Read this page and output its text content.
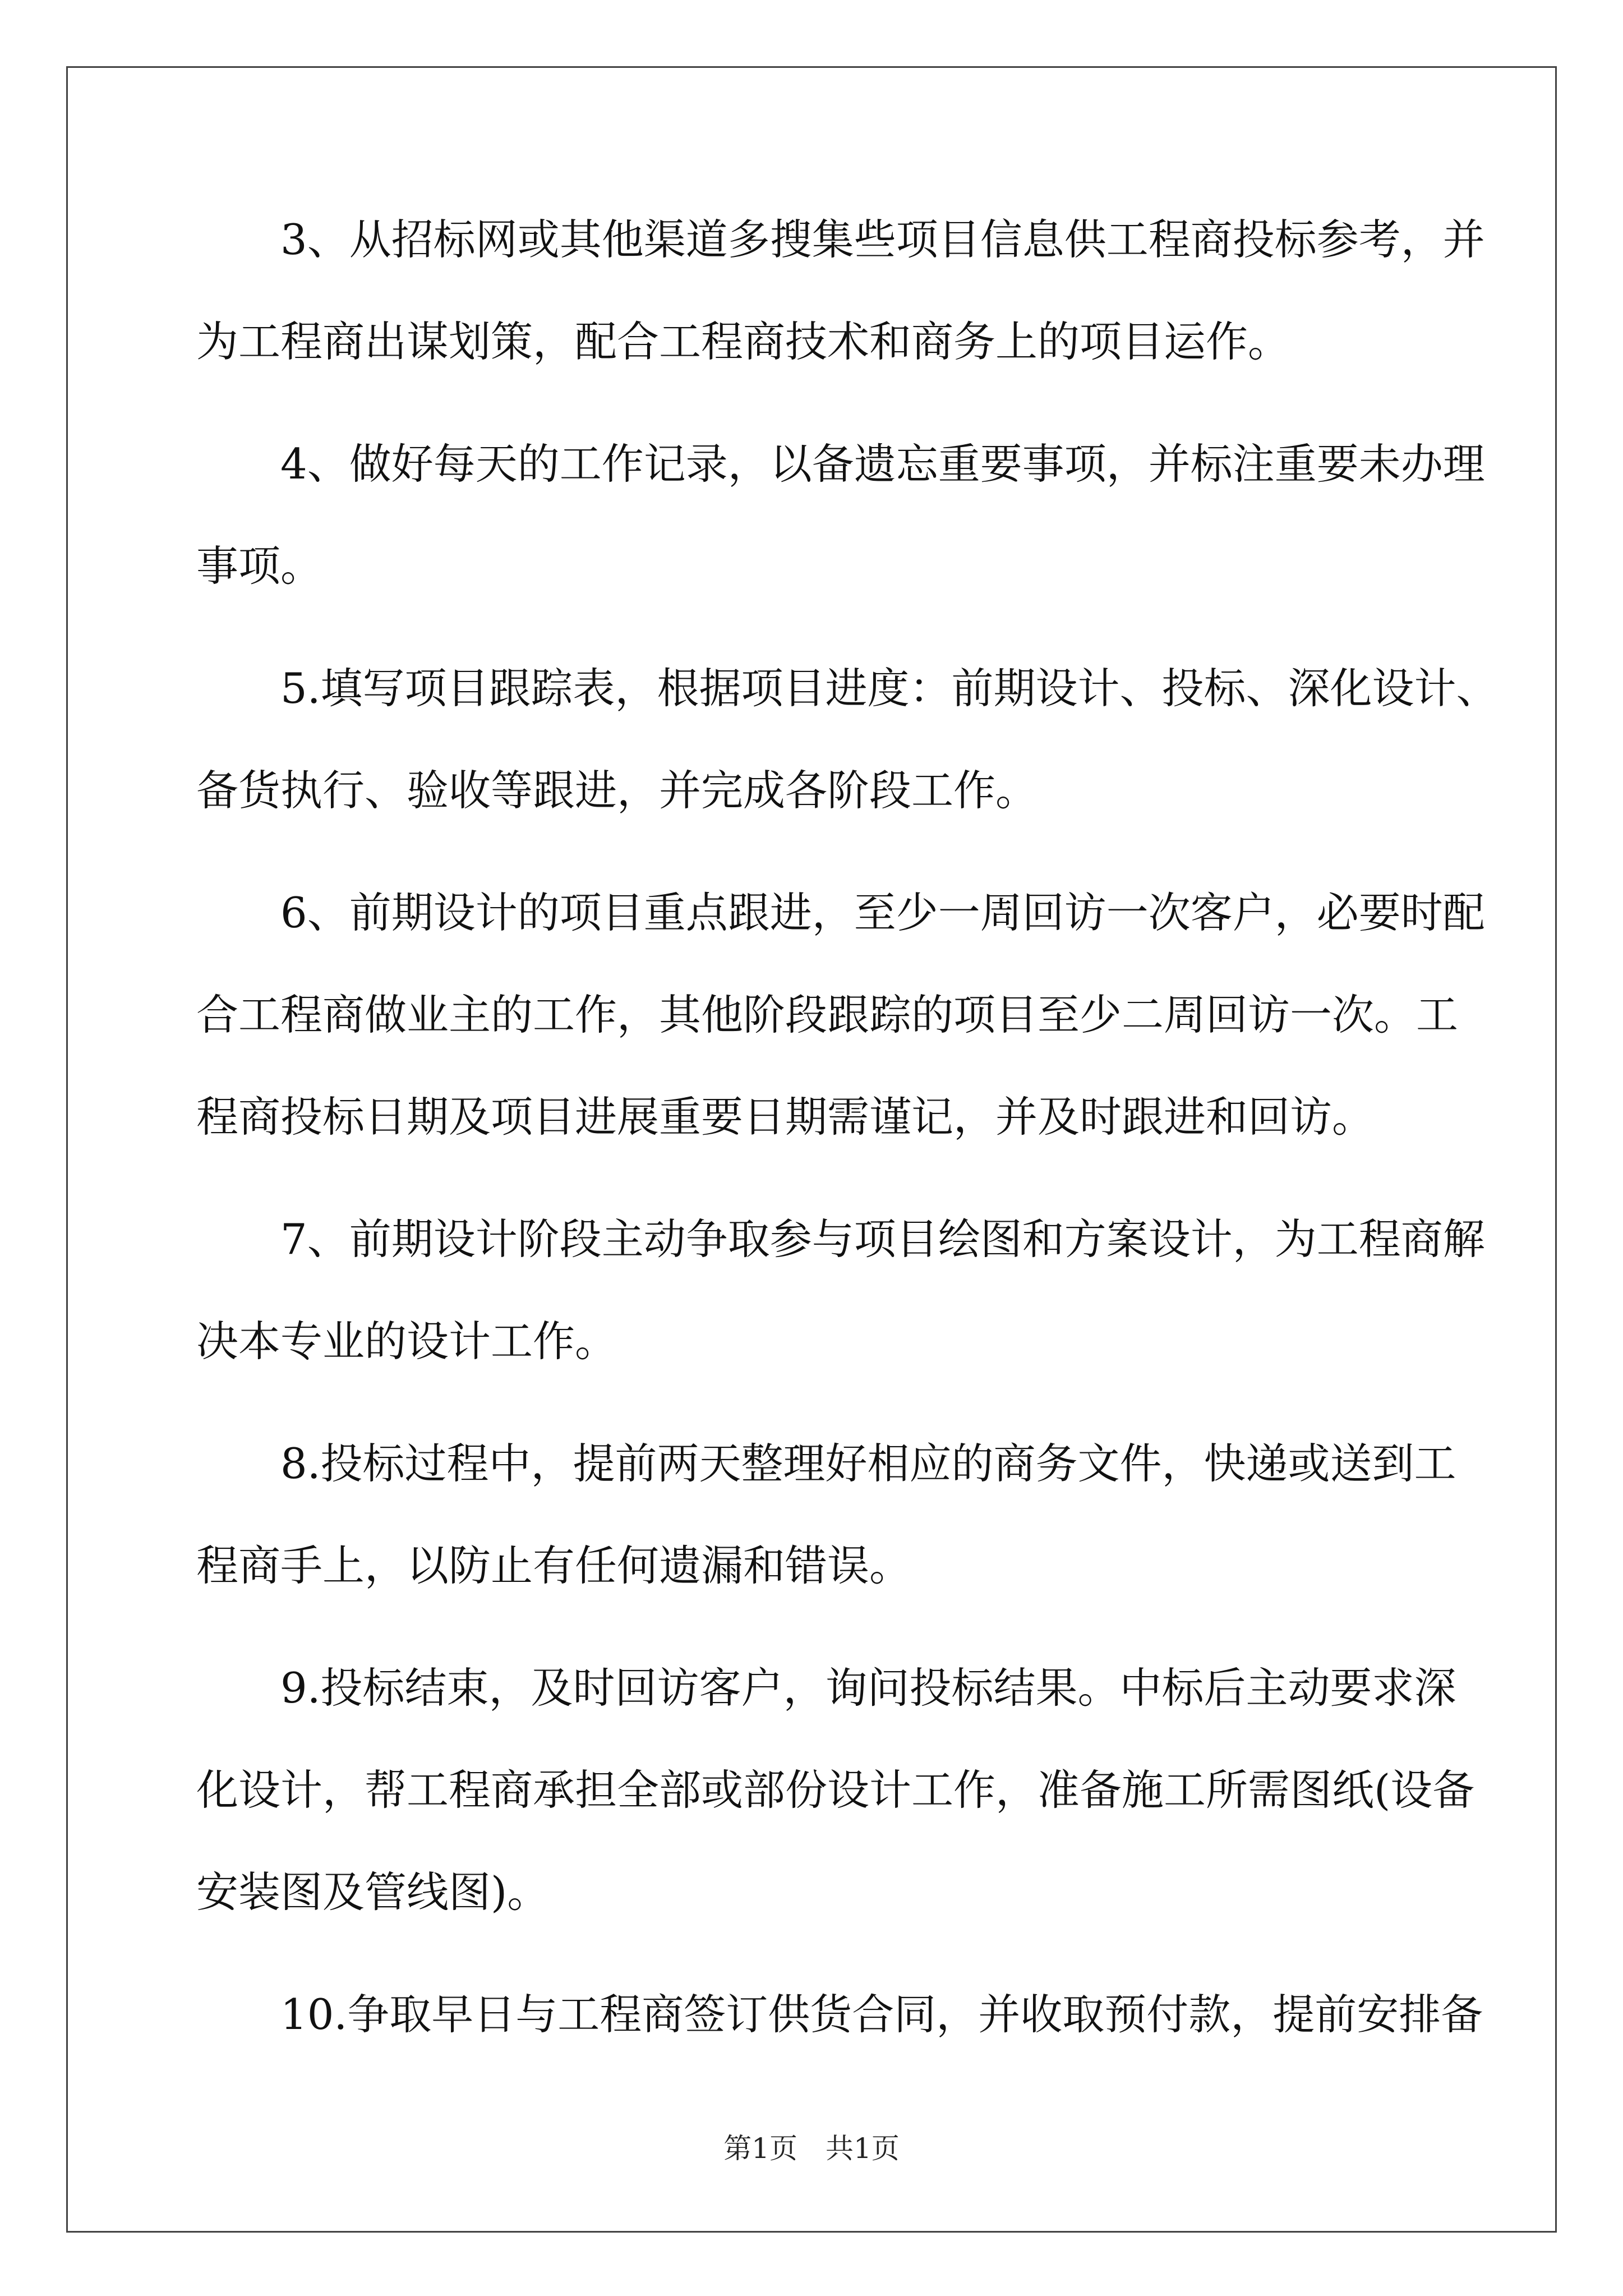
3、从招标网或其他渠道多搜集些项目信息供工程商投标参考，并
为工程商出谋划策，配合工程商技术和商务上的项目运作。
4、做好每天的工作记录，以备遗忘重要事项，并标注重要未办理
事项。
5.填写项目跟踪表，根据项目进度：前期设计、投标、深化设计、
备货执行、验收等跟进，并完成各阶段工作。
6、前期设计的项目重点跟进，至少一周回访一次客户，必要时配
合工程商做业主的工作，其他阶段跟踪的项目至少二周回访一次。工
程商投标日期及项目进展重要日期需谨记，并及时跟进和回访。
7、前期设计阶段主动争取参与项目绘图和方案设计，为工程商解
决本专业的设计工作。
8.投标过程中，提前两天整理好相应的商务文件，快递或送到工
程商手上，以防止有任何遗漏和错误。
9.投标结束，及时回访客户，询问投标结果。中标后主动要求深
化设计，帮工程商承担全部或部份设计工作，准备施工所需图纸(设备
安装图及管线图)。
10.争取早日与工程商签订供货合同，并收取预付款，提前安排备
第1页　共1页
